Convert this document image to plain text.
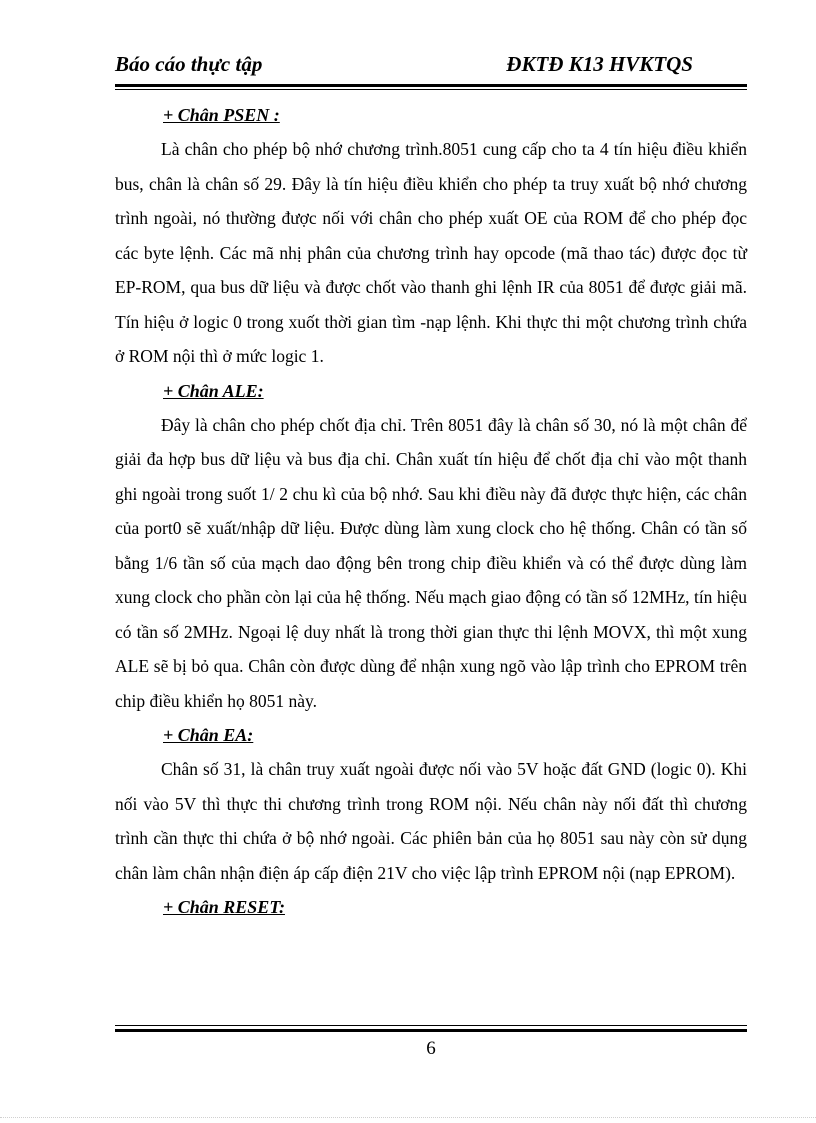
Báo cáo thực tập	ĐKTĐ K13 HVKTQS

+ Chân PSEN :

Là chân cho phép bộ nhớ chương trình.8051 cung cấp cho ta 4 tín hiệu điều khiển bus, chân là chân số 29. Đây là tín hiệu điều khiển cho phép ta truy xuất bộ nhớ chương trình ngoài, nó thường được nối với chân cho phép xuất OE của ROM để cho phép đọc các byte lệnh. Các mã nhị phân của chương trình hay opcode (mã thao tác) được đọc từ EP-ROM, qua bus dữ liệu và được chốt vào thanh ghi lệnh IR của 8051 để được giải mã. Tín hiệu ở logic 0 trong xuốt thời gian tìm -nạp lệnh. Khi thực thi một chương trình chứa ở ROM nội thì ở mức logic 1.

+ Chân ALE:

Đây là chân cho phép chốt địa chỉ. Trên 8051 đây là chân số 30, nó là một chân để giải đa hợp bus dữ liệu và bus địa chỉ. Chân xuất tín hiệu để chốt địa chỉ vào một thanh ghi ngoài trong suốt 1/ 2 chu kì của bộ nhớ. Sau khi điều này đã được thực hiện, các chân của port0 sẽ xuất/nhập dữ liệu. Được dùng làm xung clock cho hệ thống. Chân có tần số bằng 1/6 tần số của mạch dao động bên trong chip điều khiển và có thể được dùng làm xung clock cho phần còn lại của hệ thống. Nếu mạch giao động có tần số 12MHz, tín hiệu có tần số 2MHz. Ngoại lệ duy nhất là trong thời gian thực thi lệnh MOVX, thì một xung ALE sẽ bị bỏ qua. Chân còn được dùng để nhận xung ngõ vào lập trình cho EPROM trên chip điều khiển họ 8051 này.

+ Chân EA:

Chân số 31, là chân truy xuất ngoài được nối vào 5V hoặc đất GND (logic 0). Khi nối vào 5V thì thực thi chương trình trong ROM nội. Nếu chân này nối đất thì chương trình cần thực thi chứa ở bộ nhớ ngoài. Các phiên bản của họ 8051 sau này còn sử dụng chân làm chân nhận điện áp cấp điện 21V cho việc lập trình EPROM nội (nạp EPROM).

+ Chân RESET:

6
